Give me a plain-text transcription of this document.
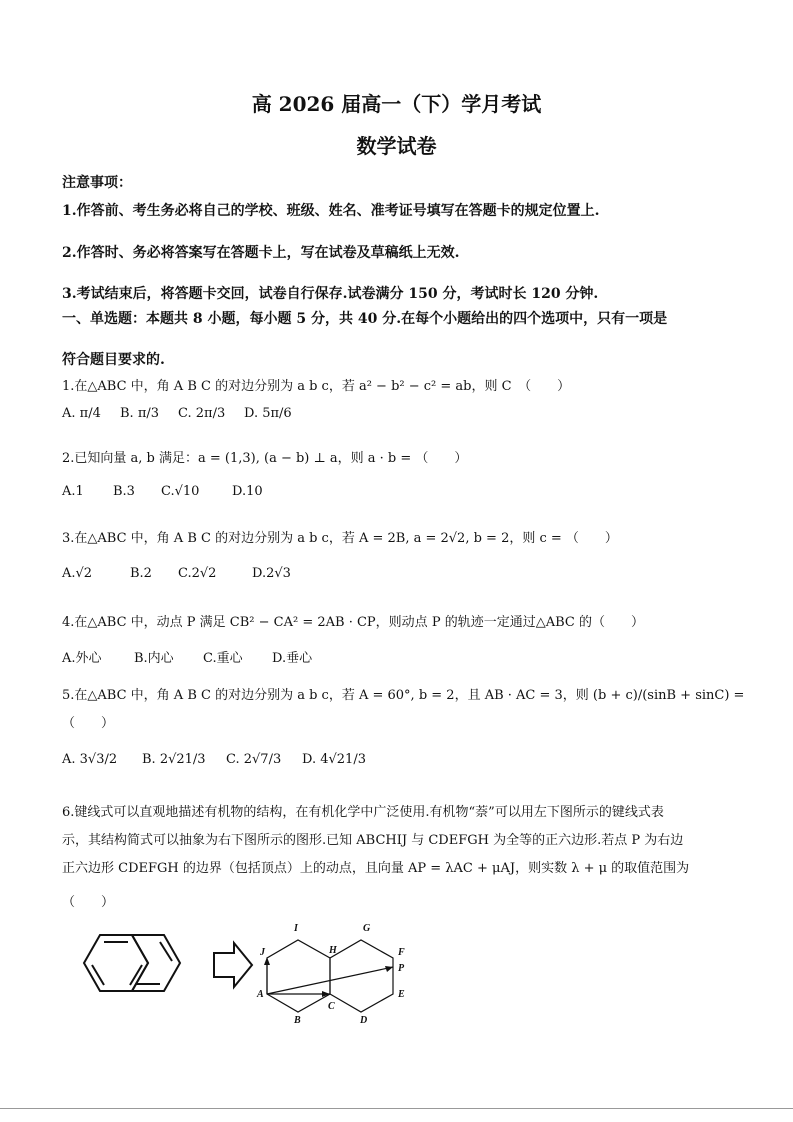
高 2026 届高一（下）学月考试
数学试卷
注意事项：
1.作答前、考生务必将自己的学校、班级、姓名、准考证号填写在答题卡的规定位置上.
2.作答时、务必将答案写在答题卡上，写在试卷及草稿纸上无效.
3.考试结束后，将答题卡交回，试卷自行保存.试卷满分 150 分，考试时长 120 分钟.
一、单选题：本题共 8 小题，每小题 5 分，共 40 分.在每个小题给出的四个选项中，只有一项是
符合题目要求的.
1.在△ABC 中，角 A B C 的对边分别为 a b c，若 a² − b² − c² = ab，则 C　（　　）
A. π/4 B. π/3 C. 2π/3 D. 5π/6
2.已知向量 a, b 满足：a = (1,3), (a − b) ⊥ a，则 a · b = （　　）
A.1 B.3 C.√10	D.10
3.在△ABC 中，角 A B C 的对边分别为 a b c，若 A = 2B, a = 2√2, b = 2，则 c = （　　）
A.√2	B.2 C.2√2	D.2√3
4.在△ABC 中，动点 P 满足 CB² − CA² = 2AB · CP，则动点 P 的轨迹一定通过△ABC 的（　　）
A.外心 B.内心 C.重心 D.垂心
5.在△ABC 中，角 A B C 的对边分别为 a b c，若 A = 60°, b = 2，且 AB · AC = 3，则 (b + c)/(sinB + sinC) =
（　　）
A. 3√3/2 B. 2√21/3 C. 2√7/3 D. 4√21/3
6.键线式可以直观地描述有机物的结构，在有机化学中广泛使用.有机物“萘”可以用左下图所示的键线式表
示，其结构简式可以抽象为右下图所示的图形.已知 ABCHIJ 与 CDEFGH 为全等的正六边形.若点 P 为右边
正六边形 CDEFGH 的边界（包括顶点）上的动点，且向量 AP = λAC + μAJ，则实数 λ + μ 的取值范围为
（　　）
I	G
J	H	F
P
A
C
E
B	D
